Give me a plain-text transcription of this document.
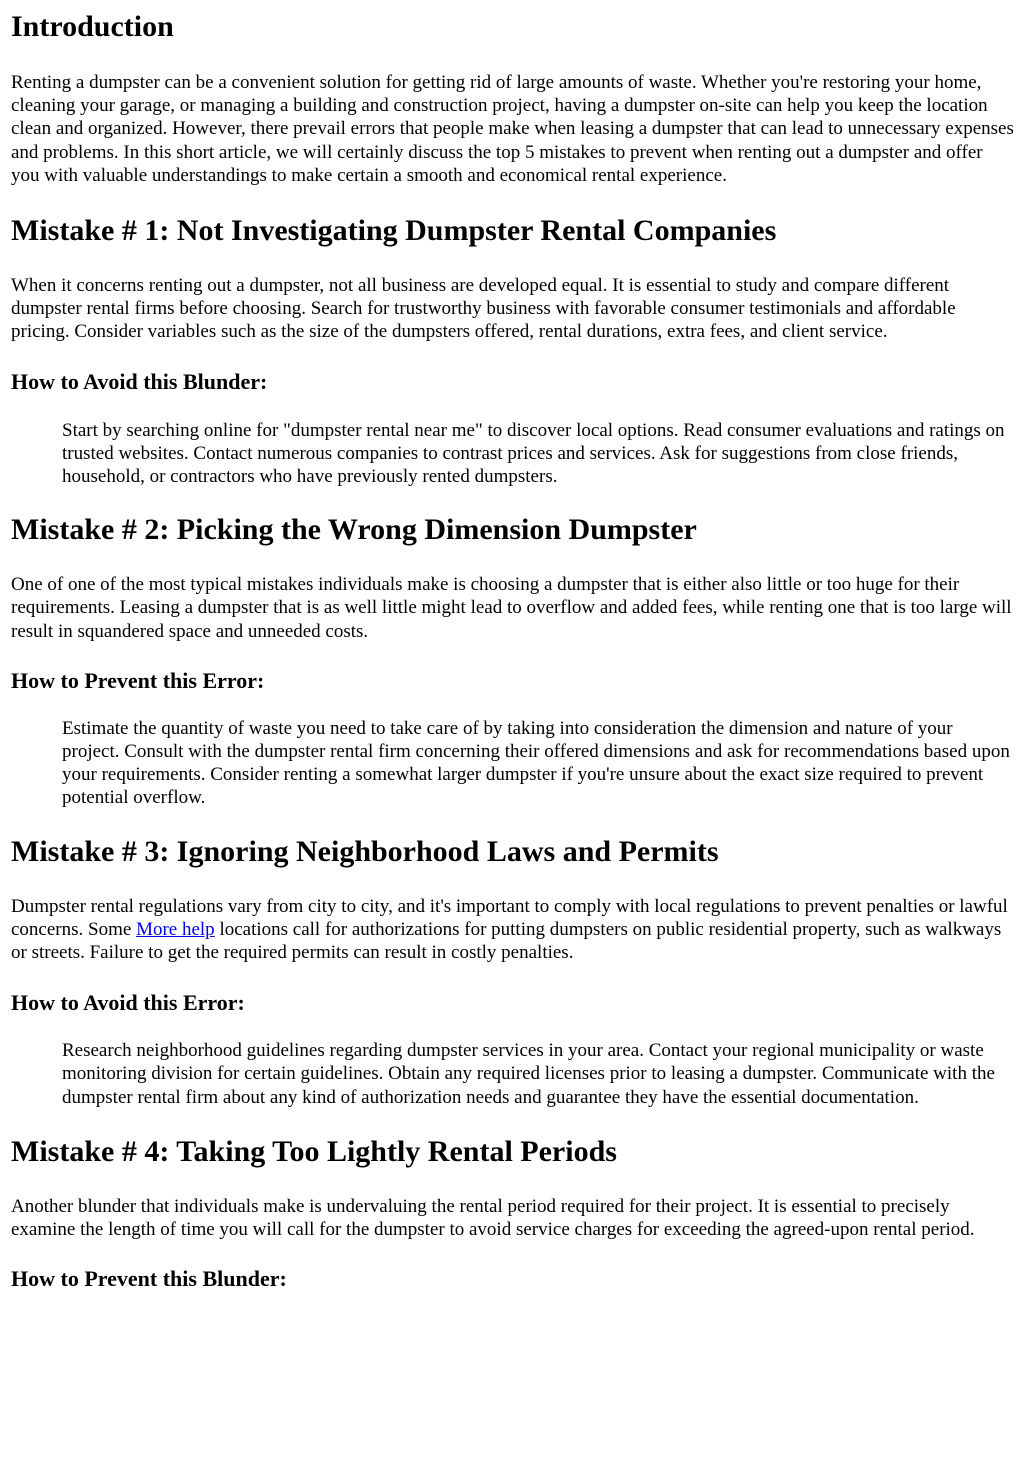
Introduction

Renting a dumpster can be a convenient solution for getting rid of large amounts of waste. Whether you're restoring your home, cleaning your garage, or managing a building and construction project, having a dumpster on-site can help you keep the location clean and organized. However, there prevail errors that people make when leasing a dumpster that can lead to unnecessary expenses and problems. In this short article, we will certainly discuss the top 5 mistakes to prevent when renting out a dumpster and offer you with valuable understandings to make certain a smooth and economical rental experience.

Mistake # 1: Not Investigating Dumpster Rental Companies

When it concerns renting out a dumpster, not all business are developed equal. It is essential to study and compare different dumpster rental firms before choosing. Search for trustworthy business with favorable consumer testimonials and affordable pricing. Consider variables such as the size of the dumpsters offered, rental durations, extra fees, and client service.

How to Avoid this Blunder:
Start by searching online for "dumpster rental near me" to discover local options. Read consumer evaluations and ratings on trusted websites. Contact numerous companies to contrast prices and services. Ask for suggestions from close friends, household, or contractors who have previously rented dumpsters.
Mistake # 2: Picking the Wrong Dimension Dumpster

One of one of the most typical mistakes individuals make is choosing a dumpster that is either also little or too huge for their requirements. Leasing a dumpster that is as well little might lead to overflow and added fees, while renting one that is too large will result in squandered space and unneeded costs.

How to Prevent this Error:
Estimate the quantity of waste you need to take care of by taking into consideration the dimension and nature of your project. Consult with the dumpster rental firm concerning their offered dimensions and ask for recommendations based upon your requirements. Consider renting a somewhat larger dumpster if you're unsure about the exact size required to prevent potential overflow.
Mistake # 3: Ignoring Neighborhood Laws and Permits

Dumpster rental regulations vary from city to city, and it's important to comply with local regulations to prevent penalties or lawful concerns. Some More help locations call for authorizations for putting dumpsters on public residential property, such as walkways or streets. Failure to get the required permits can result in costly penalties.

How to Avoid this Error:
Research neighborhood guidelines regarding dumpster services in your area. Contact your regional municipality or waste monitoring division for certain guidelines. Obtain any required licenses prior to leasing a dumpster. Communicate with the dumpster rental firm about any kind of authorization needs and guarantee they have the essential documentation.
Mistake # 4: Taking Too Lightly Rental Periods

Another blunder that individuals make is undervaluing the rental period required for their project. It is essential to precisely examine the length of time you will call for the dumpster to avoid service charges for exceeding the agreed-upon rental period.

How to Prevent this Blunder:
